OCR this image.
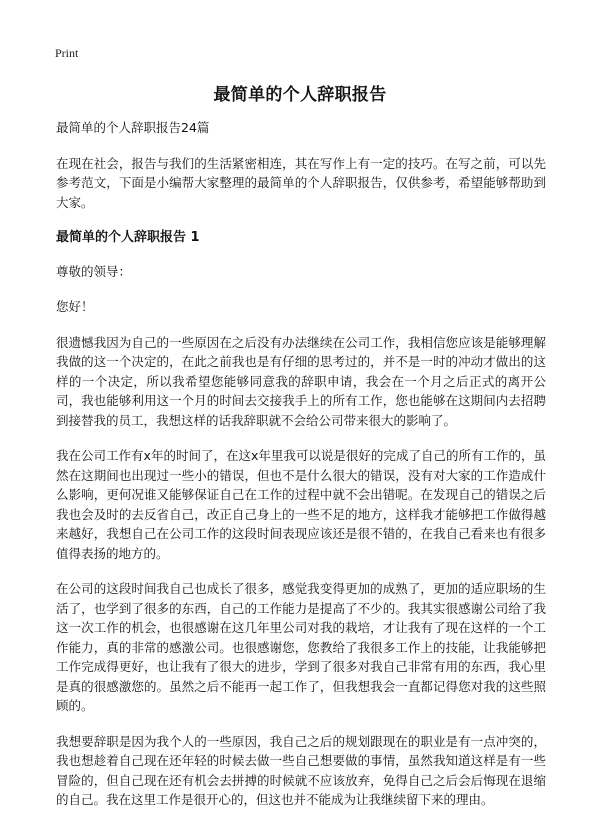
Print
最简单的个人辞职报告
最简单的个人辞职报告24篇

在现在社会，报告与我们的生活紧密相连，其在写作上有一定的技巧。在写之前，可以先参考范文，下面是小编帮大家整理的最简单的个人辞职报告，仅供参考，希望能够帮助到大家。

最简单的个人辞职报告 1
尊敬的领导：
您好！

很遗憾我因为自己的一些原因在之后没有办法继续在公司工作，我相信您应该是能够理解我做的这一个决定的，在此之前我也是有仔细的思考过的，并不是一时的冲动才做出的这样的一个决定，所以我希望您能够同意我的辞职申请，我会在一个月之后正式的离开公司，我也能够利用这一个月的时间去交接我手上的所有工作，您也能够在这期间内去招聘到接替我的员工，我想这样的话我辞职就不会给公司带来很大的影响了。

我在公司工作有x年的时间了，在这x年里我可以说是很好的完成了自己的所有工作的，虽然在这期间也出现过一些小的错误，但也不是什么很大的错误，没有对大家的工作造成什么影响，更何况谁又能够保证自己在工作的过程中就不会出错呢。在发现自己的错误之后我也会及时的去反省自己，改正自己身上的一些不足的地方，这样我才能够把工作做得越来越好，我想自己在公司工作的这段时间表现应该还是很不错的，在我自己看来也有很多值得表扬的地方的。

在公司的这段时间我自己也成长了很多，感觉我变得更加的成熟了，更加的适应职场的生活了，也学到了很多的东西，自己的工作能力是提高了不少的。我其实很感谢公司给了我这一次工作的机会，也很感谢在这几年里公司对我的栽培，才让我有了现在这样的一个工作能力，真的非常的感激公司。也很感谢您，您教给了我很多工作上的技能，让我能够把工作完成得更好，也让我有了很大的进步，学到了很多对我自己非常有用的东西，我心里是真的很感激您的。虽然之后不能再一起工作了，但我想我会一直都记得您对我的这些照顾的。

我想要辞职是因为我个人的一些原因，我自己之后的规划跟现在的职业是有一点冲突的，我也想趁着自己现在还年轻的时候去做一些自己想要做的事情，虽然我知道这样是有一些冒险的，但自己现在还有机会去拼搏的时候就不应该放弃，免得自己之后会后悔现在退缩的自己。我在这里工作是很开心的，但这也并不能成为让我继续留下来的理由。
